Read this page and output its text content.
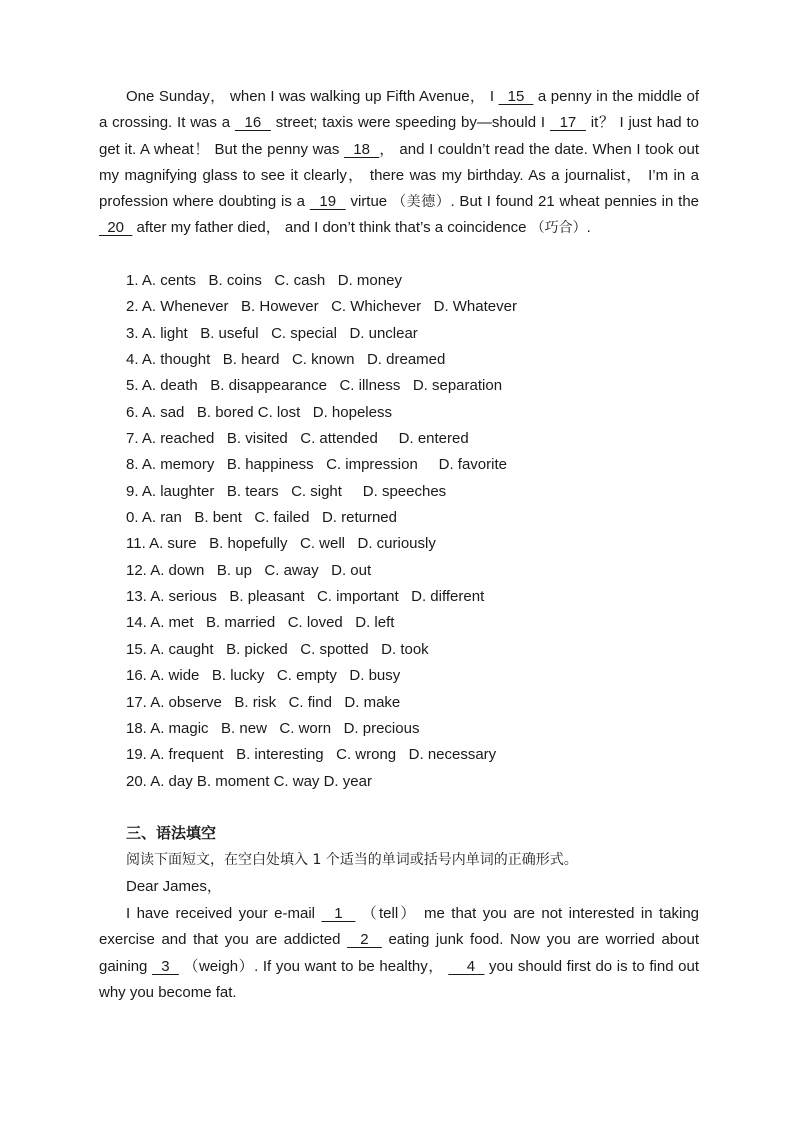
One Sunday， when I was walking up Fifth Avenue， I   15   a penny in the middle of a crossing. It was a   16   street; taxis were speeding by—should I   17   it？ I just had to get it. A wheat！ But the penny was   18  ， and I couldn’t read the date. When I took out my magnifying glass to see it clearly， there was my birthday. As a journalist， I’m in a profession where doubting is a   19   virtue （美德）. But I found 21 wheat pennies in the   20   after my father died， and I don’t think that’s a coincidence （巧合）.

1. A. cents   B. coins   C. cash   D. money
2. A. Whenever   B. However   C. Whichever   D. Whatever
3. A. light   B. useful   C. special   D. unclear
4. A. thought   B. heard   C. known   D. dreamed
5. A. death   B. disappearance   C. illness   D. separation
6. A. sad   B. bored C. lost   D. hopeless
7. A. reached   B. visited   C. attended     D. entered
8. A. memory   B. happiness   C. impression     D. favorite
9. A. laughter   B. tears   C. sight     D. speeches
0. A. ran   B. bent   C. failed   D. returned
11. A. sure   B. hopefully   C. well   D. curiously
12. A. down   B. up   C. away   D. out
13. A. serious   B. pleasant   C. important   D. different
14. A. met   B. married   C. loved   D. left
15. A. caught   B. picked   C. spotted   D. took
16. A. wide   B. lucky   C. empty   D. busy
17. A. observe   B. risk   C. find   D. make
18. A. magic   B. new   C. worn   D. precious
19. A. frequent   B. interesting   C. wrong   D. necessary
20. A. day B. moment C. way D. year

三、语法填空

阅读下面短文，在空白处填入 1 个适当的单词或括号内单词的正确形式。

Dear James，

I have received your e-mail   1   （tell） me that you are not interested in taking exercise and that you are addicted   2   eating junk food. Now you are worried about gaining   3   （weigh）. If you want to be healthy，     4   you should first do is to find out why you become fat.
